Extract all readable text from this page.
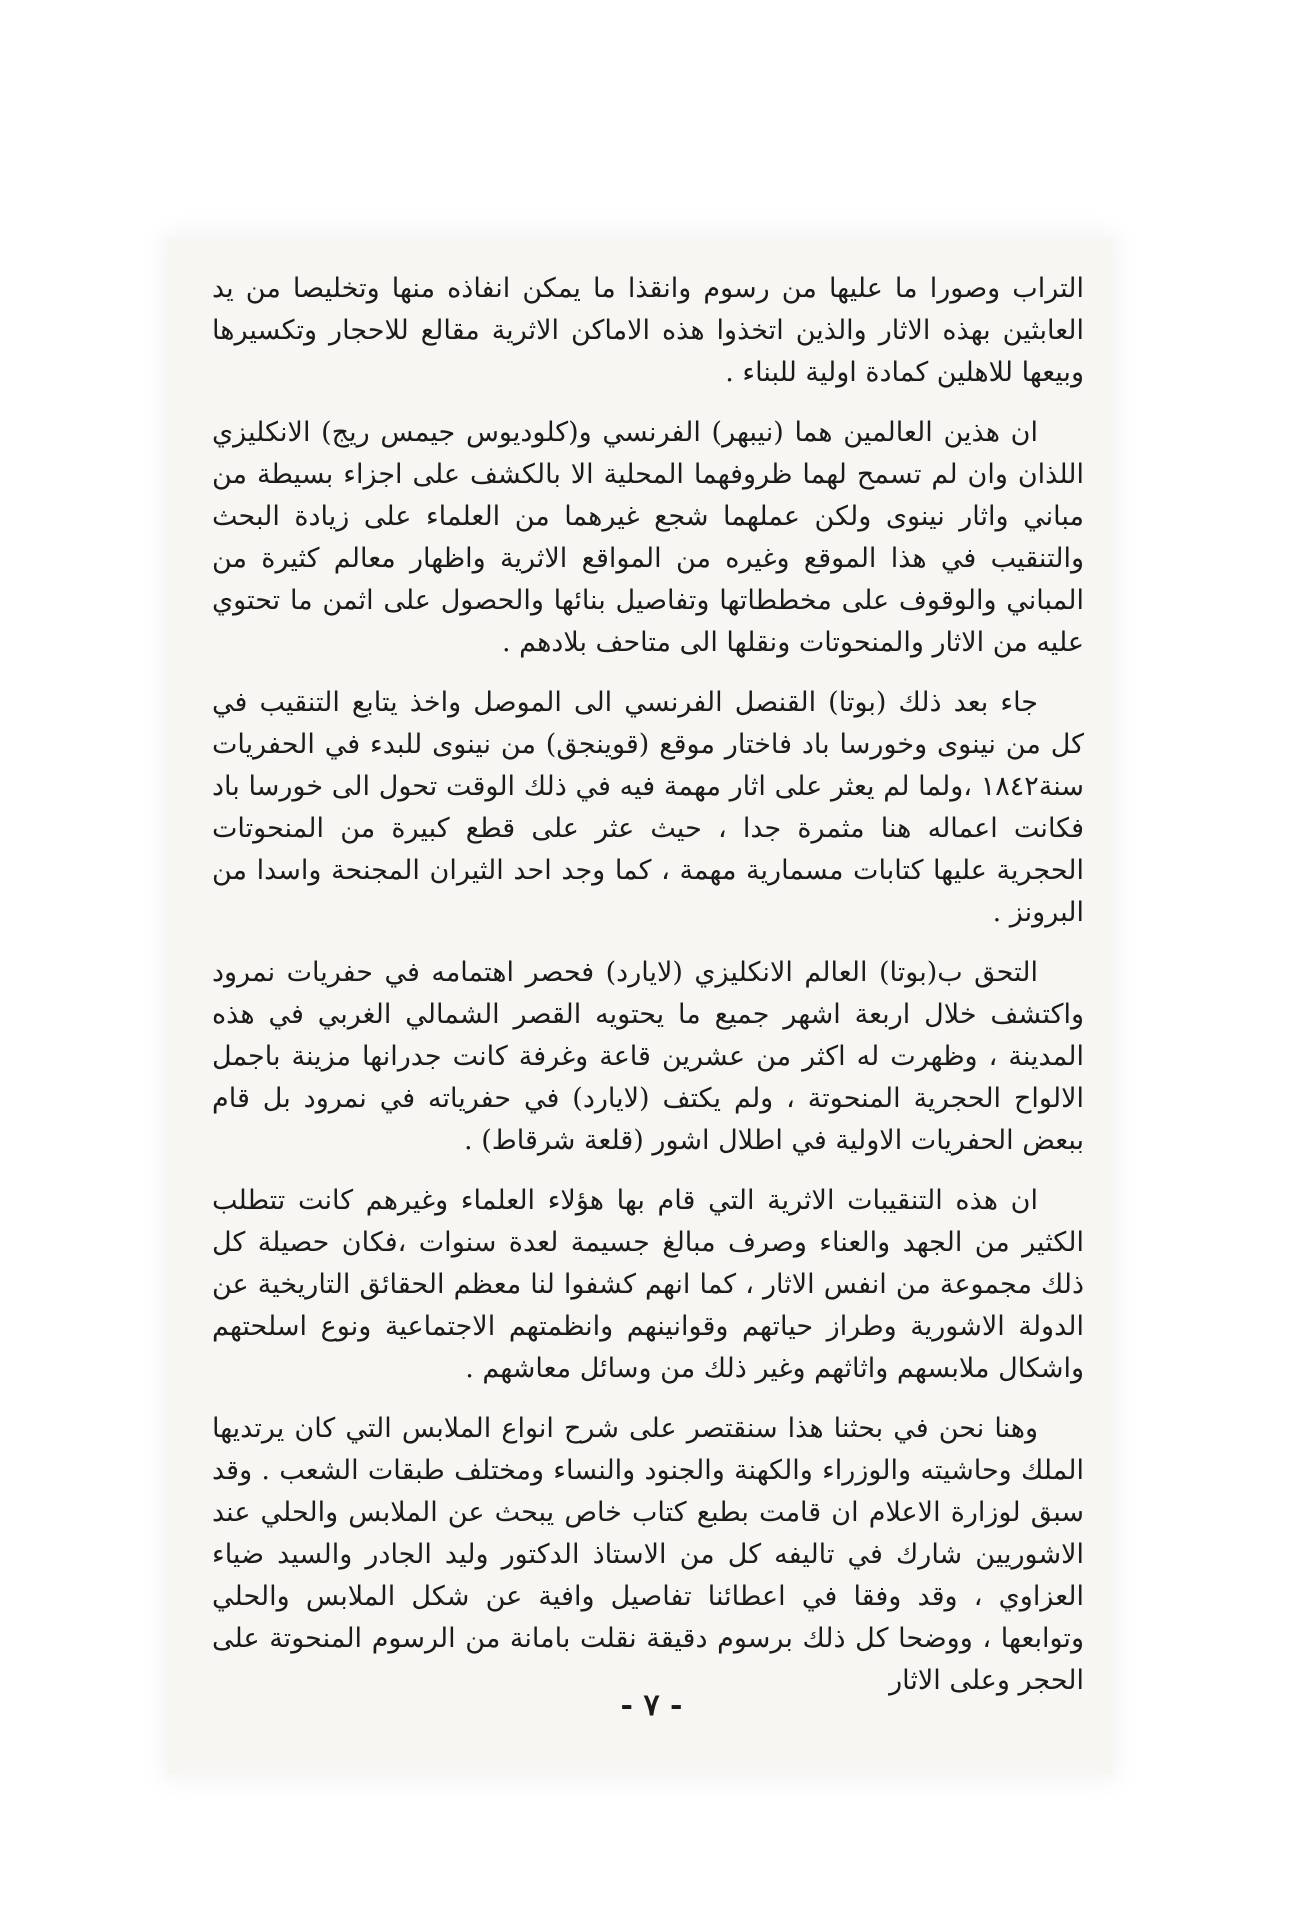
التراب وصورا ما عليها من رسوم وانقذا ما يمكن انفاذه منها وتخليصا من يد العابثين بهذه الاثار والذين اتخذوا هذه الاماكن الاثرية مقالع للاحجار وتكسيرها وبيعها للاهلين كمادة اولية للبناء .

ان هذين العالمين هما (نيبهر) الفرنسي و(كلوديوس جيمس ريج) الانكليزي اللذان وان لم تسمح لهما ظروفهما المحلية الا بالكشف على اجزاء بسيطة من مباني واثار نينوى ولكن عملهما شجع غيرهما من العلماء على زيادة البحث والتنقيب في هذا الموقع وغيره من المواقع الاثرية واظهار معالم كثيرة من المباني والوقوف على مخططاتها وتفاصيل بنائها والحصول على اثمن ما تحتوي عليه من الاثار والمنحوتات ونقلها الى متاحف بلادهم .

جاء بعد ذلك (بوتا) القنصل الفرنسي الى الموصل واخذ يتابع التنقيب في كل من نينوى وخورسا باد فاختار موقع (قوينجق) من نينوى للبدء في الحفريات سنة١٨٤٢ ،ولما لم يعثر على اثار مهمة فيه في ذلك الوقت تحول الى خورسا باد فكانت اعماله هنا مثمرة جدا ، حيث عثر على قطع كبيرة من المنحوتات الحجرية عليها كتابات مسمارية مهمة ، كما وجد احد الثيران المجنحة واسدا من البرونز .

التحق ب(بوتا) العالم الانكليزي (لايارد) فحصر اهتمامه في حفريات نمرود واكتشف خلال اربعة اشهر جميع ما يحتويه القصر الشمالي الغربي في هذه المدينة ، وظهرت له اكثر من عشرين قاعة وغرفة كانت جدرانها مزينة باجمل الالواح الحجرية المنحوتة ، ولم يكتف (لايارد) في حفرياته في نمرود بل قام ببعض الحفريات الاولية في اطلال اشور (قلعة شرقاط) .

ان هذه التنقيبات الاثرية التي قام بها هؤلاء العلماء وغيرهم كانت تتطلب الكثير من الجهد والعناء وصرف مبالغ جسيمة لعدة سنوات ،فكان حصيلة كل ذلك مجموعة من انفس الاثار ، كما انهم كشفوا لنا معظم الحقائق التاريخية عن الدولة الاشورية وطراز حياتهم وقوانينهم وانظمتهم الاجتماعية ونوع اسلحتهم واشكال ملابسهم واثاثهم وغير ذلك من وسائل معاشهم .

وهنا نحن في بحثنا هذا سنقتصر على شرح انواع الملابس التي كان يرتديها الملك وحاشيته والوزراء والكهنة والجنود والنساء ومختلف طبقات الشعب . وقد سبق لوزارة الاعلام ان قامت بطبع كتاب خاص يبحث عن الملابس والحلي عند الاشوريين شارك في تاليفه كل من الاستاذ الدكتور وليد الجادر والسيد ضياء العزاوي ، وقد وفقا في اعطائنا تفاصيل وافية عن شكل الملابس والحلي وتوابعها ، ووضحا كل ذلك برسوم دقيقة نقلت بامانة من الرسوم المنحوتة على الحجر وعلى الاثار

- ٧ -
